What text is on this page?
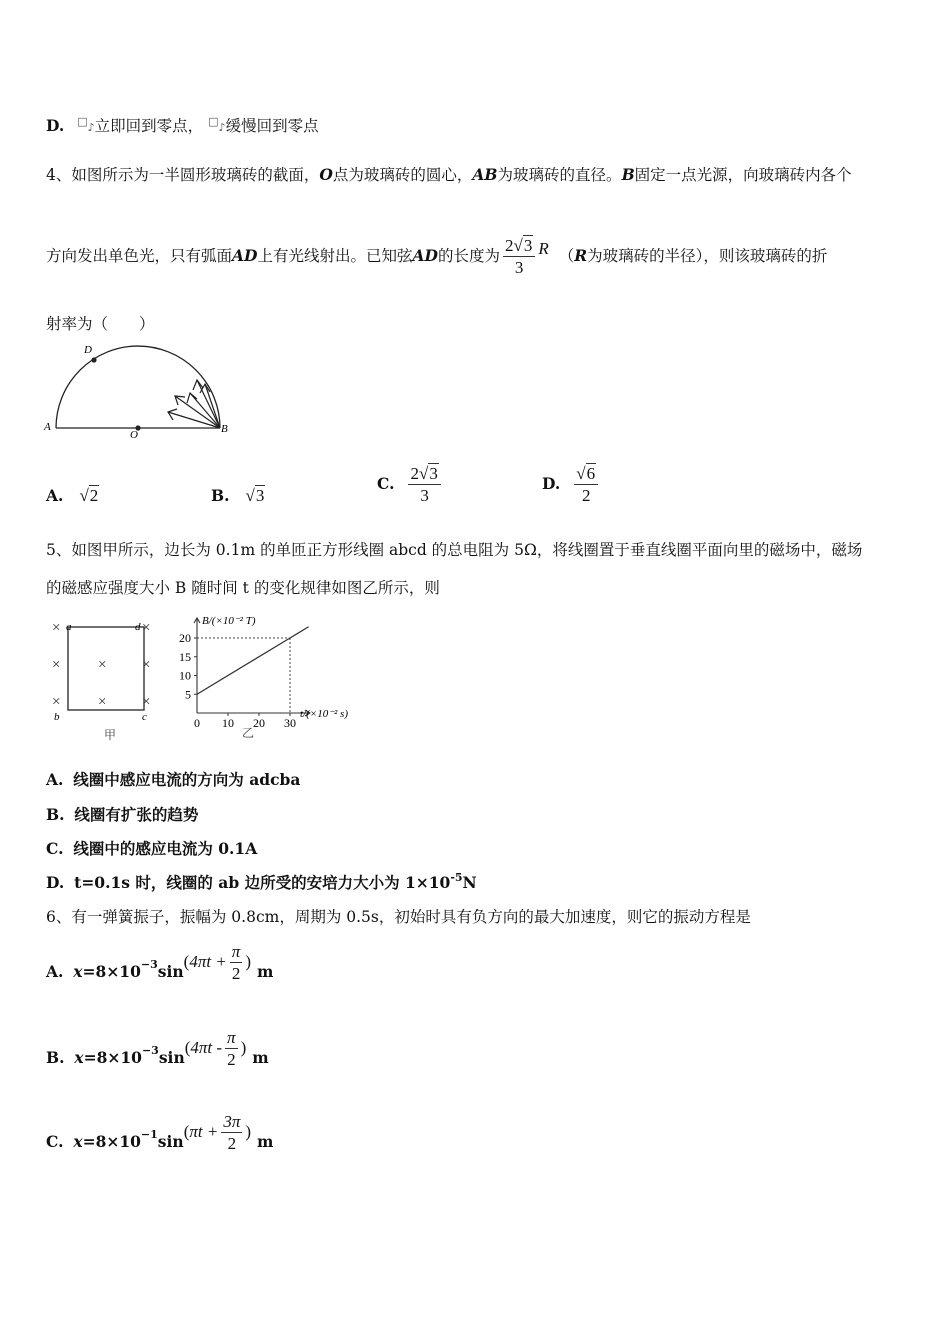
D. □♪立即回到零点， □♪缓慢回到零点
4、如图所示为一半圆形玻璃砖的截面，O点为玻璃砖的圆心，AB为玻璃砖的直径。B固定一点光源，向玻璃砖内各个
方向发出单色光，只有弧面 AD 上有光线射出。已知弦 AD 的长度为 $\frac{2√3}{3}$ R （ R 为玻璃砖的半径），则该玻璃砖的折
射率为（　　）
D
A	B
O
A. √2	B. √3
C. $\frac{2√3}{3}$	D. $\frac{√6}{2}$
5、如图甲所示，边长为 0.1m 的单匝正方形线圈 abcd 的总电阻为 5Ω，将线圈置于垂直线圈平面向里的磁场中，磁场
的磁感应强度大小 B 随时间 t 的变化规律如图乙所示，则
×	×
×	× ×
×	× ×
a	d
b	c
甲
B/(×10⁻² T)
t/(×10⁻² s)
5
10
15
20
0 10 20 30
乙
A. 线圈中感应电流的方向为 adcba
B. 线圈有扩张的趋势
C. 线圈中的感应电流为 0.1A
D. t=0.1s 时，线圈的 ab 边所受的安培力大小为 $1\times 10^{-5}N$
6、有一弹簧振子，振幅为 0.8cm，周期为 0.5s，初始时具有负方向的最大加速度，则它的振动方程是
A.
x =8×10 −3 sin
( $4\pi t + \frac{\pi}{2}$ )
m
B.
x =8×10 −3 sin
( $4\pi t - \frac{\pi}{2}$ )
m
C.
x =8×10 −1 sin
( $\pi t + \frac{3\pi}{2}$ )
m
